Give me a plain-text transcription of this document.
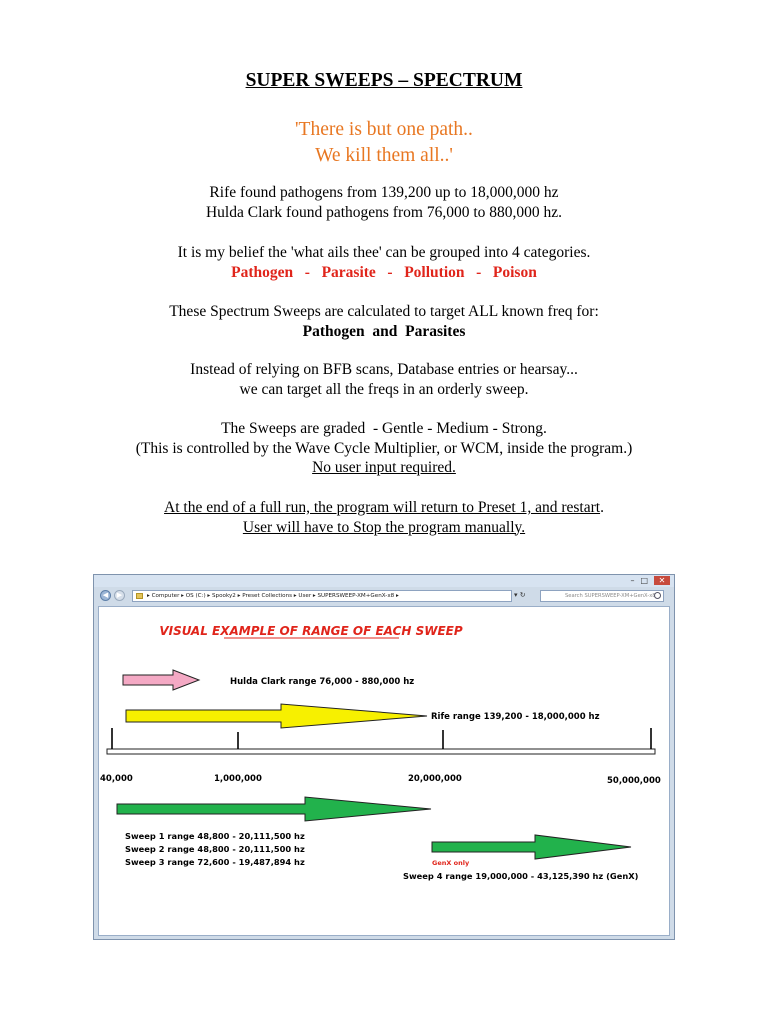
SUPER SWEEPS – SPECTRUM
'There is but one path..
We kill them all..'
Rife found pathogens from 139,200 up to 18,000,000 hz
Hulda Clark found pathogens from 76,000 to 880,000 hz.
It is my belief the 'what ails thee' can be grouped into 4 categories.
Pathogen   -   Parasite   -   Pollution   -   Poison
These Spectrum Sweeps are calculated to target ALL known freq for:
Pathogen  and  Parasites
Instead of relying on BFB scans, Database entries or hearsay...
we can target all the freqs in an orderly sweep.
The Sweeps are graded  - Gentle - Medium - Strong.
(This is controlled by the Wave Cycle Multiplier, or WCM, inside the program.)
No user input required.
At the end of a full run, the program will return to Preset 1, and restart.
User will have to Stop the program manually.
–□ ✕
◀	▶	▸ Computer ▸ OS (C:) ▸ Spooky2 ▸ Preset Collections ▸ User ▸ SUPERSWEEP-XM+GenX-x8 ▸	▾ ↻	Search SUPERSWEEP-XM+GenX-x8
VISUAL EXAMPLE OF RANGE OF EACH SWEEP
Hulda Clark range 76,000 - 880,000 hz
Rife range 139,200 - 18,000,000 hz
40,000	1,000,000	20,000,000	50,000,000
Sweep 1 range 48,800 - 20,111,500 hz
Sweep 2 range 48,800 - 20,111,500 hz
Sweep 3 range 72,600 - 19,487,894 hz	GenX only
Sweep 4 range 19,000,000 - 43,125,390 hz (GenX)
